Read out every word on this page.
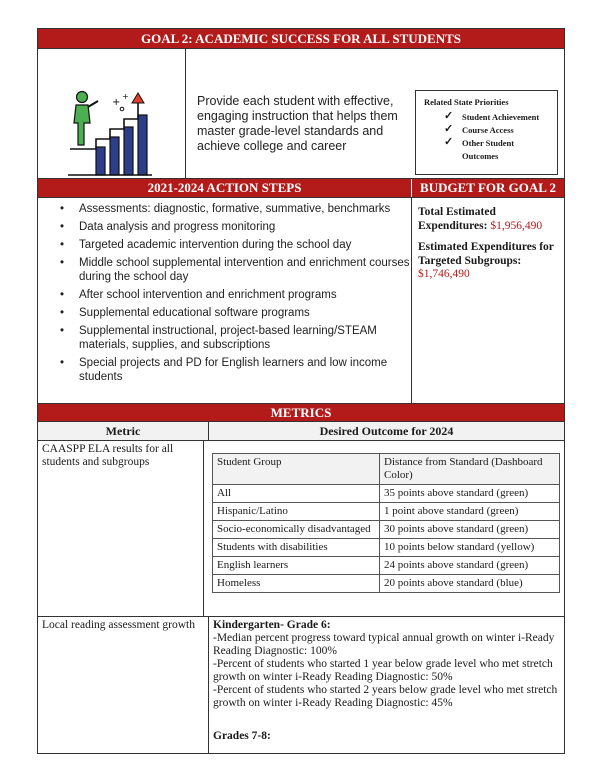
GOAL 2: ACADEMIC SUCCESS FOR ALL STUDENTS
+
+	Provide each student with effective, engaging instruction that helps them master grade-level standards and achieve college and career
Related State Priorities
✓ Student Achievement
✓ Course Access
✓ Other Student Outcomes
2021-2024 ACTION STEPS	BUDGET FOR GOAL 2
• Assessments: diagnostic, formative, summative, benchmarks
• Data analysis and progress monitoring
• Targeted academic intervention during the school day
• Middle school supplemental intervention and enrichment courses during the school day
• After school intervention and enrichment programs
• Supplemental educational software programs
• Supplemental instructional, project-based learning/STEAM materials, supplies, and subscriptions
• Special projects and PD for English learners and low income students
Total Estimated Expenditures: $1,956,490
Estimated Expenditures for Targeted Subgroups:
$1,746,490
METRICS
Metric	Desired Outcome for 2024
CAASPP ELA results for all students and subgroups	Student Group	Distance from Standard (Dashboard Color)
All	35 points above standard (green)
Hispanic/Latino	1 point above standard (green)
Socio-economically disadvantaged	30 points above standard (green)
Students with disabilities	10 points below standard (yellow)
English learners	24 points above standard (green)
Homeless	20 points above standard (blue)
Local reading assessment growth	Kindergarten- Grade 6:
-Median percent progress toward typical annual growth on winter i-Ready Reading Diagnostic: 100%
-Percent of students who started 1 year below grade level who met stretch growth on winter i-Ready Reading Diagnostic: 50%
-Percent of students who started 2 years below grade level who met stretch growth on winter i-Ready Reading Diagnostic: 45%
Grades 7-8:
